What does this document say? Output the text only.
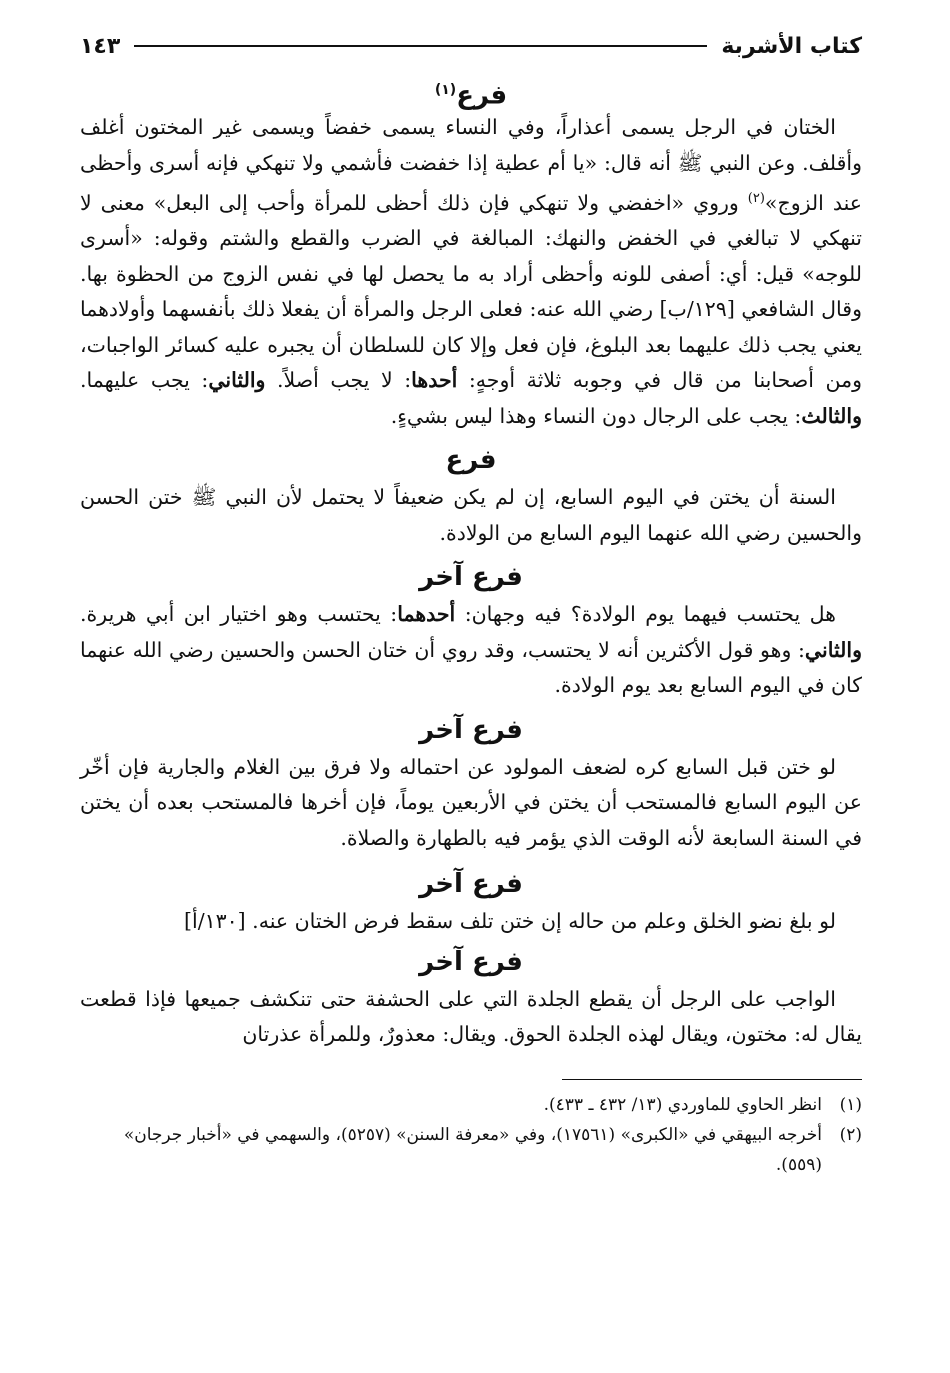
كتاب الأشربة
١٤٣
فرع$^{(١)}$

الختان في الرجل يسمى أعذاراً، وفي النساء يسمى خفضاً ويسمى غير المختون أغلف وأقلف. وعن النبي ﷺ أنه قال: «يا أم عطية إذا خفضت فأشمي ولا تنهكي فإنه أسرى وأحظى عند الزوج»$^{(٢)}$ وروي «اخفضي ولا تنهكي فإن ذلك أحظى للمرأة وأحب إلى البعل» معنى لا تنهكي لا تبالغي في الخفض والنهك: المبالغة في الضرب والقطع والشتم وقوله: «أسرى للوجه» قيل: أي: أصفى للونه وأحظى أراد به ما يحصل لها في نفس الزوج من الحظوة بها. وقال الشافعي [١٢٩/ب] رضي الله عنه: فعلى الرجل والمرأة أن يفعلا ذلك بأنفسهما وأولادهما يعني يجب ذلك عليهما بعد البلوغ، فإن فعل وإلا كان للسلطان أن يجبره عليه كسائر الواجبات، ومن أصحابنا من قال في وجوبه ثلاثة أوجهٍ: أحدها: لا يجب أصلاً. والثاني: يجب عليهما. والثالث: يجب على الرجال دون النساء وهذا ليس بشيءٍ.

فرع

السنة أن يختن في اليوم السابع، إن لم يكن ضعيفاً لا يحتمل لأن النبي ﷺ ختن الحسن والحسين رضي الله عنهما اليوم السابع من الولادة.

فرع آخر

هل يحتسب فيهما يوم الولادة؟ فيه وجهان: أحدهما: يحتسب وهو اختيار ابن أبي هريرة. والثاني: وهو قول الأكثرين أنه لا يحتسب، وقد روي أن ختان الحسن والحسين رضي الله عنهما كان في اليوم السابع بعد يوم الولادة.

فرع آخر

لو ختن قبل السابع كره لضعف المولود عن احتماله ولا فرق بين الغلام والجارية فإن أخّر عن اليوم السابع فالمستحب أن يختن في الأربعين يوماً، فإن أخرها فالمستحب بعده أن يختن في السنة السابعة لأنه الوقت الذي يؤمر فيه بالطهارة والصلاة.

فرع آخر

لو بلغ نضو الخلق وعلم من حاله إن ختن تلف سقط فرض الختان عنه. [١٣٠/أ]

فرع آخر

الواجب على الرجل أن يقطع الجلدة التي على الحشفة حتى تنكشف جميعها فإذا قطعت يقال له: مختون، ويقال لهذه الجلدة الحوق. ويقال: معذورٌ، وللمرأة عذرتان

(١)
انظر الحاوي للماوردي (١٣/ ٤٣٢ ـ ٤٣٣).
(٢)
أخرجه البيهقي في «الكبرى» (١٧٥٦١)، وفي «معرفة السنن» (٥٢٥٧)، والسهمي في «أخبار جرجان» (٥٥٩).
